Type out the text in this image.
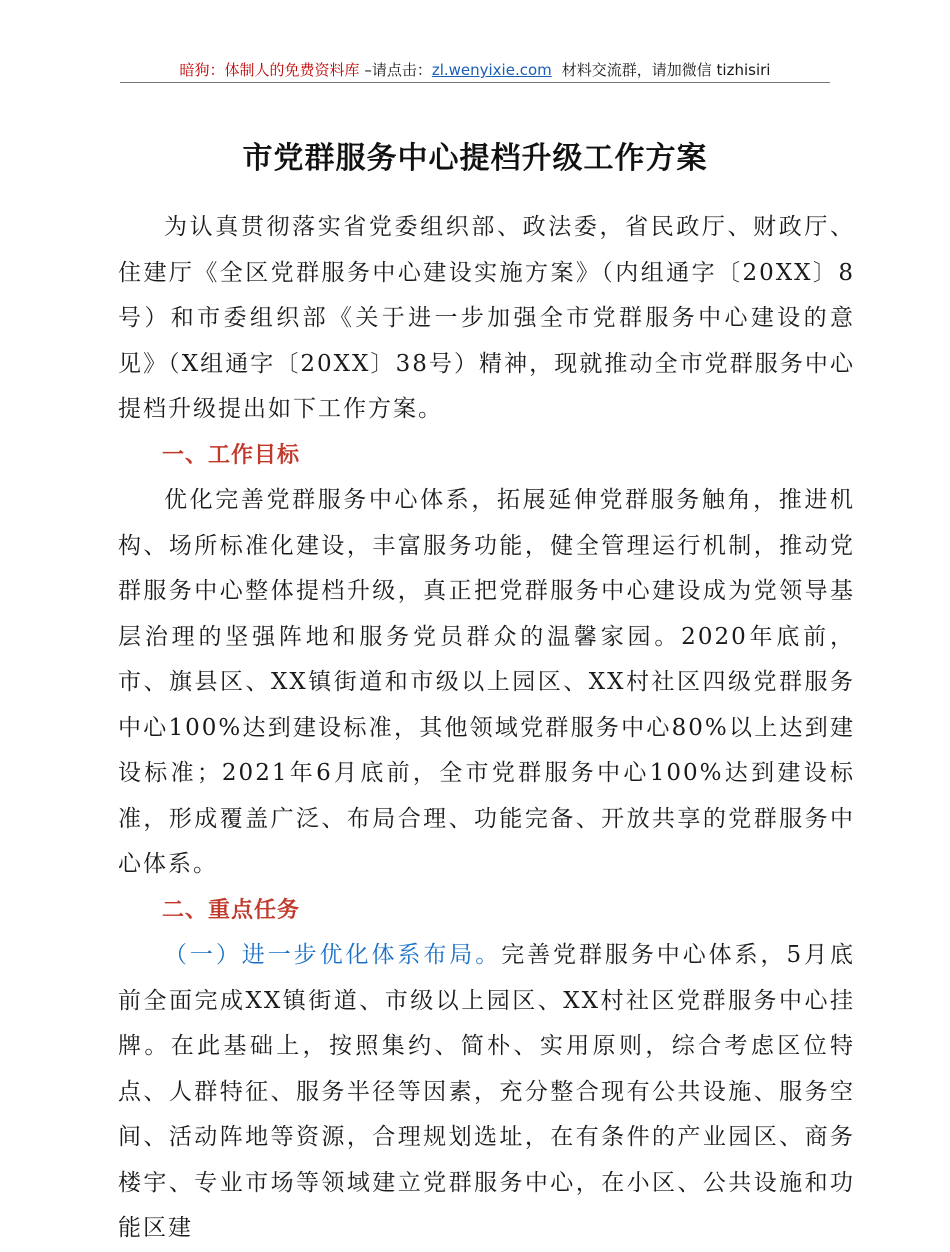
暗狗：体制人的免费资料库 –请点击：zl.wenyixie.com 材料交流群，请加微信 tizhisiri
市党群服务中心提档升级工作方案

为认真贯彻落实省党委组织部、政法委，省民政厅、财政厅、住建厅《全区党群服务中心建设实施方案》（内组通字〔20XX〕8号）和市委组织部《关于进一步加强全市党群服务中心建设的意见》（X组通字〔20XX〕38号）精神，现就推动全市党群服务中心提档升级提出如下工作方案。

一、工作目标

优化完善党群服务中心体系，拓展延伸党群服务触角，推进机构、场所标准化建设，丰富服务功能，健全管理运行机制，推动党群服务中心整体提档升级，真正把党群服务中心建设成为党领导基层治理的坚强阵地和服务党员群众的温馨家园。2020年底前，市、旗县区、XX镇街道和市级以上园区、XX村社区四级党群服务中心100%达到建设标准，其他领域党群服务中心80%以上达到建设标准；2021年6月底前，全市党群服务中心100%达到建设标准，形成覆盖广泛、布局合理、功能完备、开放共享的党群服务中心体系。

二、重点任务

（一）进一步优化体系布局。完善党群服务中心体系，5月底前全面完成XX镇街道、市级以上园区、XX村社区党群服务中心挂牌。在此基础上，按照集约、简朴、实用原则，综合考虑区位特点、人群特征、服务半径等因素，充分整合现有公共设施、服务空间、活动阵地等资源，合理规划选址，在有条件的产业园区、商务楼宇、专业市场等领域建立党群服务中心，在小区、公共设施和功能区建
